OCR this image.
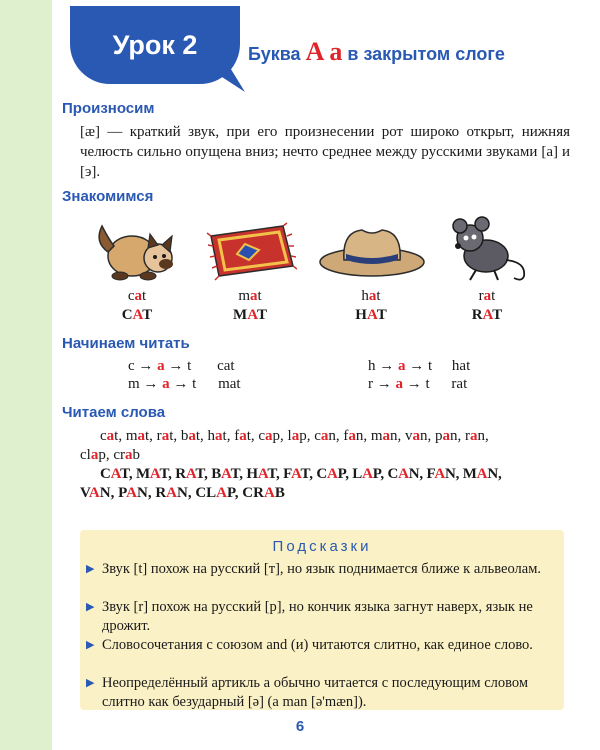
Урок 2	Буква A a в закрытом слоге
Произносим
[æ] — краткий звук, при его произнесении рот широко открыт, нижняя челюсть сильно опущена вниз; нечто среднее между русскими звуками [а] и [э].
Знакомимся
cat
CAT
mat
MAT
hat
HAT
rat
RAT
Начинаем читать
c → a → t cat
m → a → t mat
h → a → t hat
r → a → t rat
Читаем слова
cat, mat, rat, bat, hat, fat, cap, lap, can, fan, man, van, pan, ran,
clap, crab
CAT, MAT, RAT, BAT, HAT, FAT, CAP, LAP, CAN, FAN, MAN,
VAN, PAN, RAN, CLAP, CRAB
Подсказки
▶ Звук [t] похож на русский [т], но язык поднимается ближе к альвеолам.
▶ Звук [r] похож на русский [р], но кончик языка загнут наверх, язык не дрожит.
▶ Словосочетания с союзом and (и) читаются слитно, как единое слово.
▶ Неопределённый артикль a обычно читается с последующим словом слитно как безударный [ə] (a man [ə'mæn]).
6
